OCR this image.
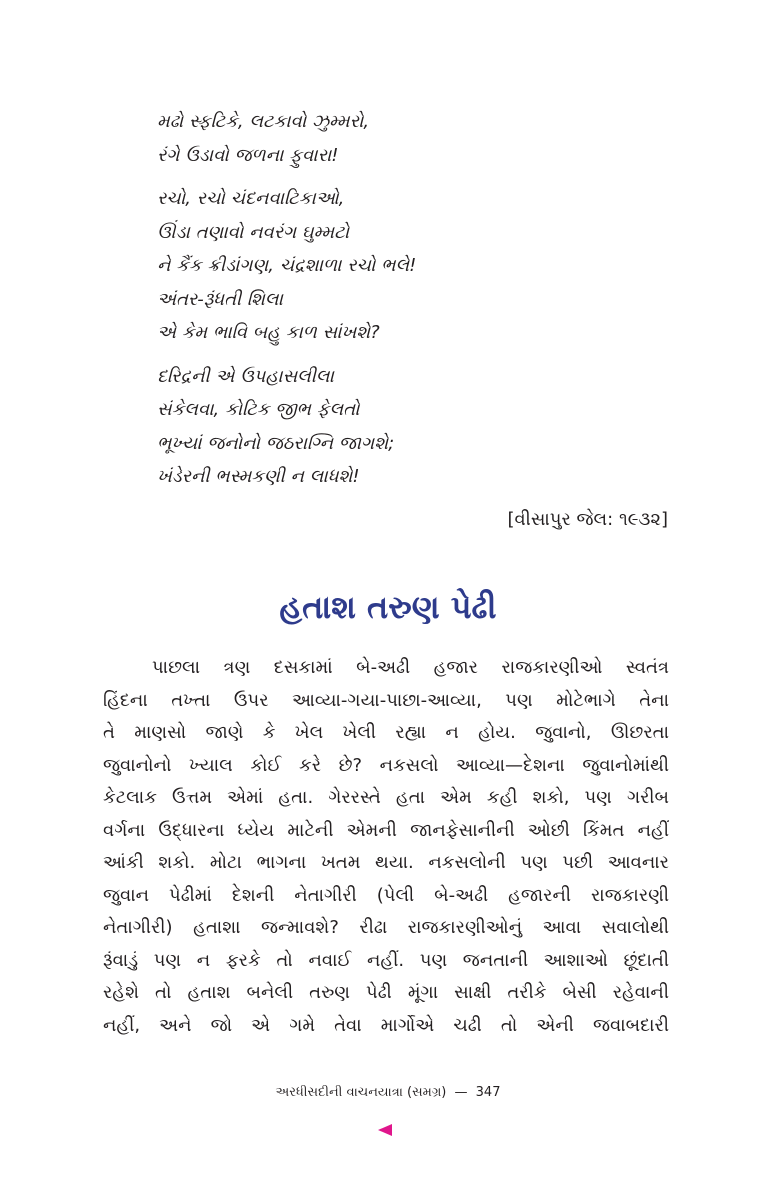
મઢો સ્ફટિકે, લટકાવો ઝુમ્મરો,
રંગે ઉડાવો જળના ફુવારા!
રચો, રચો ચંદનવાટિકાઓ,
ઊંડા તણાવો નવરંગ ઘુમ્મટો
ને કૈંક ક્રીડાંગણ, ચંદ્રશાળા રચો ભલે!
અંતર-રૂંધતી શિલા
એ કેમ ભાવિ બહુ કાળ સાંખશે?
દરિદ્રની એ ઉપહાસલીલા
સંકેલવા, કોટિક જીભ ફેલતો
ભૂખ્યાં જનોનો જઠરાગ્નિ જાગશે;
ખંડેરની ભસ્મકણી ન લાધશે!
[વીસાપુર જેલ: ૧૯૩૨]
હતાશ તરુણ પેઢી
પાછલા ત્રણ દસકામાં બે-અઢી હજાર રાજકારણીઓ સ્વતંત્ર
હિંદના તખ્તા ઉપર આવ્યા-ગયા-પાછા-આવ્યા, પણ મોટેભાગે તેના
તે માણસો જાણે કે ખેલ ખેલી રહ્યા ન હોય. જુવાનો, ઊછરતા
જુવાનોનો ખ્યાલ કોઈ કરે છે? નકસલો આવ્યા—દેશના જુવાનોમાંથી
કેટલાક ઉત્તમ એમાં હતા. ગેરરસ્તે હતા એમ કહી શકો, પણ ગરીબ
વર્ગના ઉદ્ધારના ધ્યેય માટેની એમની જાનફેસાનીની ઓછી કિંમત નહીં
આંકી શકો. મોટા ભાગના ખતમ થયા. નકસલોની પણ પછી આવનાર
જુવાન પેઢીમાં દેશની નેતાગીરી (પેલી બે-અઢી હજારની રાજકારણી
નેતાગીરી) હતાશા જન્માવશે? રીઢા રાજકારણીઓનું આવા સવાલોથી
રૂંવાડું પણ ન ફરકે તો નવાઈ નહીં. પણ જનતાની આશાઓ છૂંદાતી
રહેશે તો હતાશ બનેલી તરુણ પેઢી મૂંગા સાક્ષી તરીકે બેસી રહેવાની
નહીં, અને જો એ ગમે તેવા માર્ગોએ ચઢી તો એની જવાબદારી
અરધીસદીની વાચનયાત્રા (સમગ્ર) — 347
